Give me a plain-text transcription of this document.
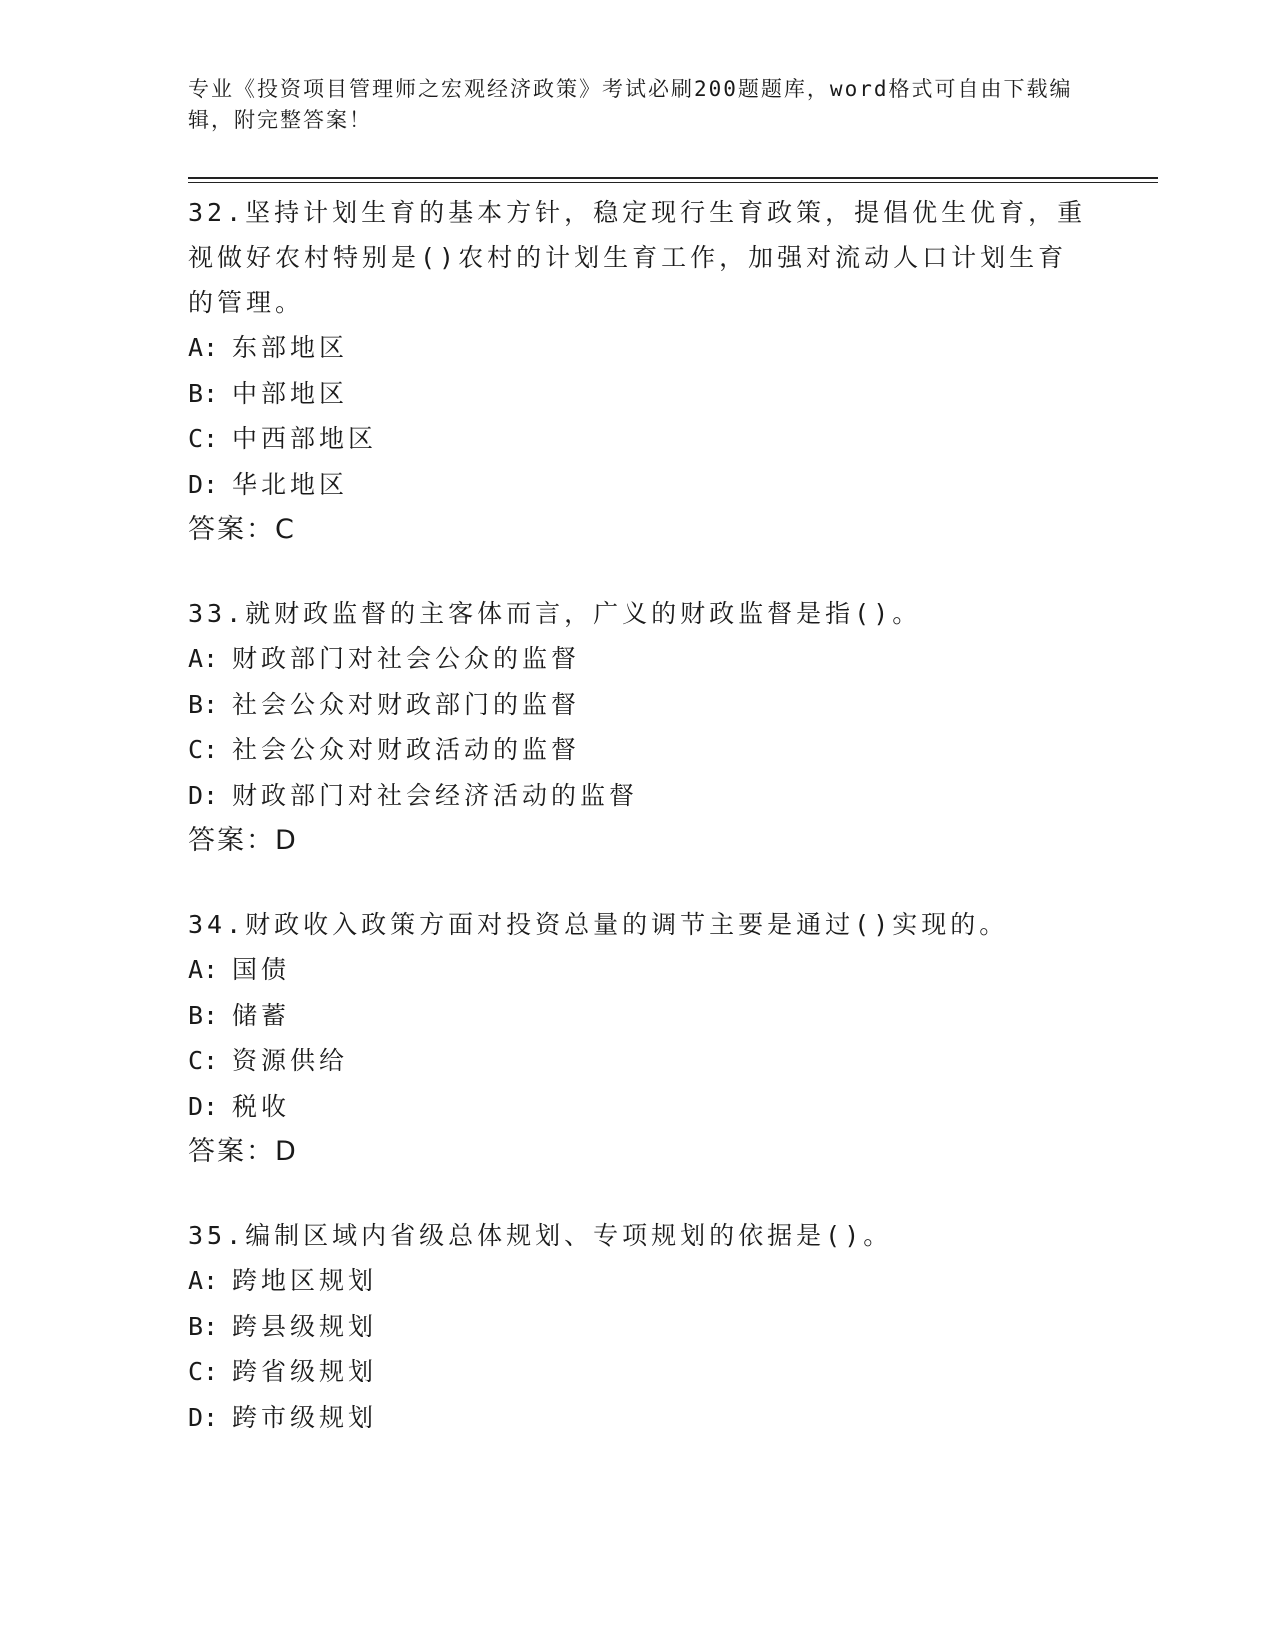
专业《投资项目管理师之宏观经济政策》考试必刷200题题库，word格式可自由下载编辑，附完整答案！
32.坚持计划生育的基本方针，稳定现行生育政策，提倡优生优育，重视做好农村特别是()农村的计划生育工作，加强对流动人口计划生育的管理。
A: 东部地区
B: 中部地区
C: 中西部地区
D: 华北地区
答案：C
33.就财政监督的主客体而言，广义的财政监督是指()。
A: 财政部门对社会公众的监督
B: 社会公众对财政部门的监督
C: 社会公众对财政活动的监督
D: 财政部门对社会经济活动的监督
答案：D
34.财政收入政策方面对投资总量的调节主要是通过()实现的。
A: 国债
B: 储蓄
C: 资源供给
D: 税收
答案：D
35.编制区域内省级总体规划、专项规划的依据是()。
A: 跨地区规划
B: 跨县级规划
C: 跨省级规划
D: 跨市级规划
